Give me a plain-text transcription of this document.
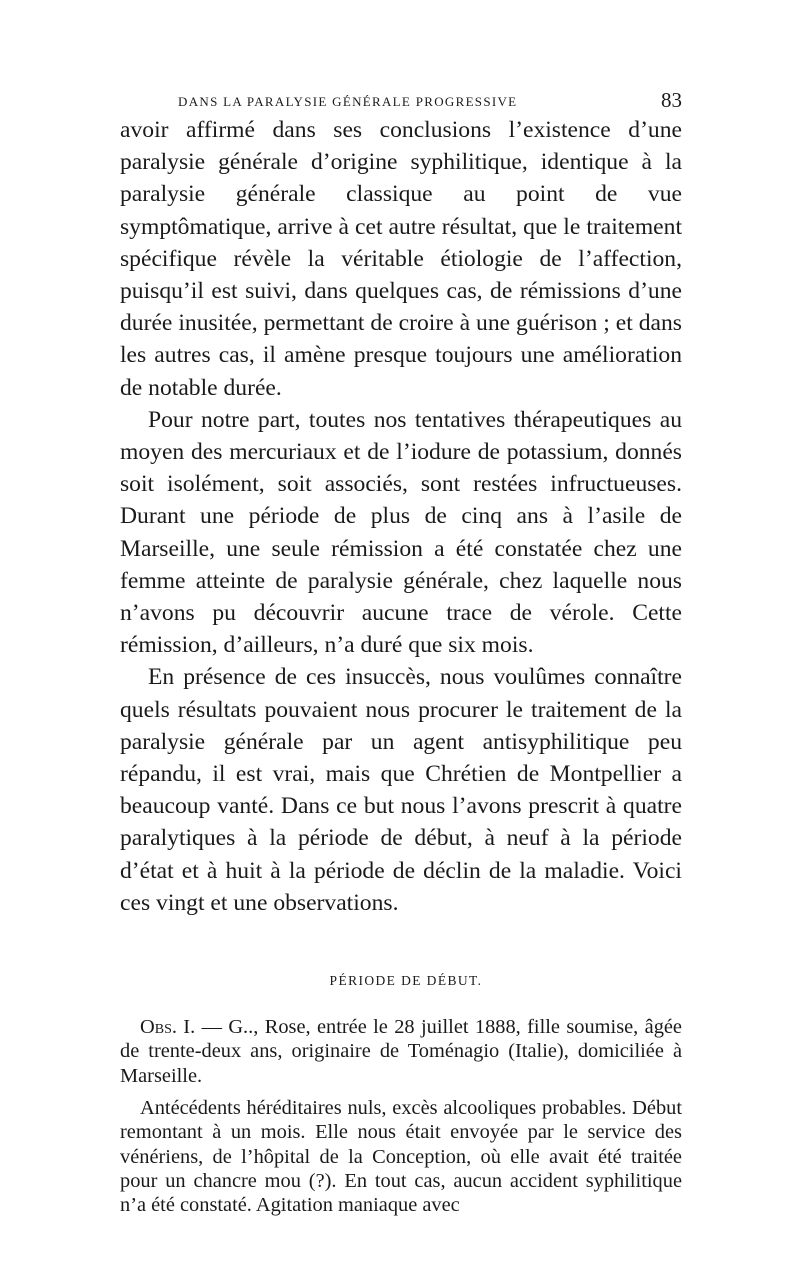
DANS LA PARALYSIE GÉNÉRALE PROGRESSIVE	83

avoir affirmé dans ses conclusions l’existence d’une paralysie générale d’origine syphilitique, identique à la paralysie générale classique au point de vue symptômatique, arrive à cet autre résultat, que le traitement spécifique révèle la véritable étiologie de l’affection, puisqu’il est suivi, dans quelques cas, de rémissions d’une durée inusitée, permettant de croire à une guérison ; et dans les autres cas, il amène presque toujours une amélioration de notable durée.

Pour notre part, toutes nos tentatives thérapeutiques au moyen des mercuriaux et de l’iodure de potassium, donnés soit isolément, soit associés, sont restées infructueuses. Durant une période de plus de cinq ans à l’asile de Marseille, une seule rémission a été constatée chez une femme atteinte de paralysie générale, chez laquelle nous n’avons pu découvrir aucune trace de vérole. Cette rémission, d’ailleurs, n’a duré que six mois.

En présence de ces insuccès, nous voulûmes connaître quels résultats pouvaient nous procurer le traitement de la paralysie générale par un agent antisyphilitique peu répandu, il est vrai, mais que Chrétien de Montpellier a beaucoup vanté. Dans ce but nous l’avons prescrit à quatre paralytiques à la période de début, à neuf à la période d’état et à huit à la période de déclin de la maladie. Voici ces vingt et une observations.

PÉRIODE DE DÉBUT.

Obs. I. — G.., Rose, entrée le 28 juillet 1888, fille soumise, âgée de trente-deux ans, originaire de Toménagio (Italie), domiciliée à Marseille.

Antécédents héréditaires nuls, excès alcooliques probables. Début remontant à un mois. Elle nous était envoyée par le service des vénériens, de l’hôpital de la Conception, où elle avait été traitée pour un chancre mou (?). En tout cas, aucun accident syphilitique n’a été constaté. Agitation maniaque avec
